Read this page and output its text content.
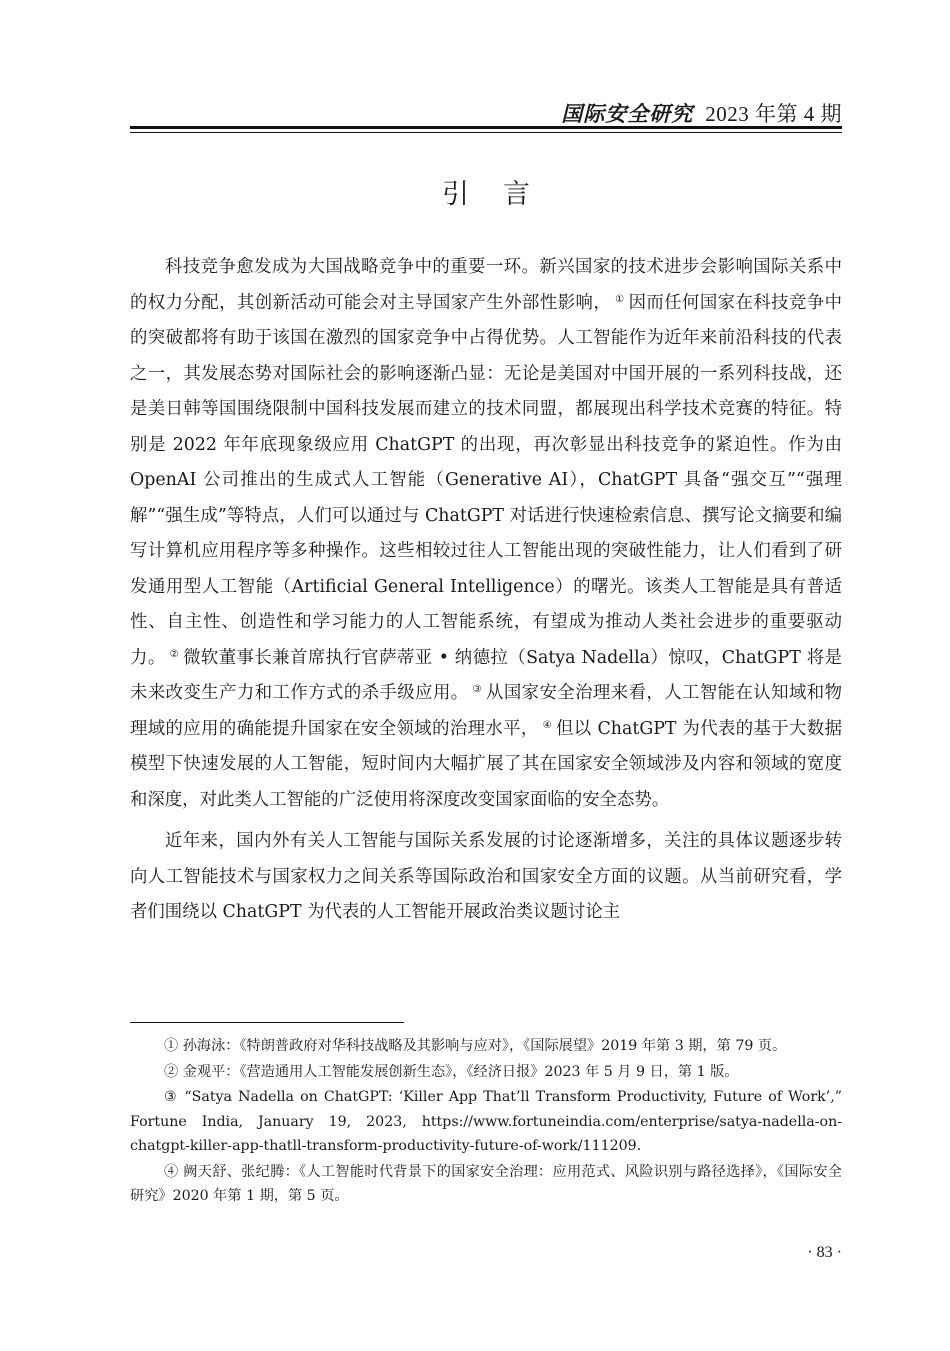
国际安全研究 2023 年第 4 期
引言

科技竞争愈发成为大国战略竞争中的重要一环。新兴国家的技术进步会影响国际关系中的权力分配，其创新活动可能会对主导国家产生外部性影响， ① 因而任何国家在科技竞争中的突破都将有助于该国在激烈的国家竞争中占得优势。人工智能作为近年来前沿科技的代表之一，其发展态势对国际社会的影响逐渐凸显：无论是美国对中国开展的一系列科技战，还是美日韩等国围绕限制中国科技发展而建立的技术同盟，都展现出科学技术竞赛的特征。特别是 2022 年年底现象级应用 ChatGPT 的出现，再次彰显出科技竞争的紧迫性。作为由 OpenAI 公司推出的生成式人工智能（Generative AI），ChatGPT 具备“强交互”“强理解”“强生成”等特点，人们可以通过与 ChatGPT 对话进行快速检索信息、撰写论文摘要和编写计算机应用程序等多种操作。这些相较过往人工智能出现的突破性能力，让人们看到了研发通用型人工智能（Artificial General Intelligence）的曙光。该类人工智能是具有普适性、自主性、创造性和学习能力的人工智能系统，有望成为推动人类社会进步的重要驱动力。 ② 微软董事长兼首席执行官萨蒂亚 • 纳德拉（Satya Nadella）惊叹，ChatGPT 将是未来改变生产力和工作方式的杀手级应用。 ③ 从国家安全治理来看，人工智能在认知域和物理域的应用的确能提升国家在安全领域的治理水平， ④ 但以 ChatGPT 为代表的基于大数据模型下快速发展的人工智能，短时间内大幅扩展了其在国家安全领域涉及内容和领域的宽度和深度，对此类人工智能的广泛使用将深度改变国家面临的安全态势。

近年来，国内外有关人工智能与国际关系发展的讨论逐渐增多，关注的具体议题逐步转向人工智能技术与国家权力之间关系等国际政治和国家安全方面的议题。从当前研究看，学者们围绕以 ChatGPT 为代表的人工智能开展政治类议题讨论主

① 孙海泳：《特朗普政府对华科技战略及其影响与应对》，《国际展望》2019 年第 3 期，第 79 页。

② 金观平：《营造通用人工智能发展创新生态》，《经济日报》2023 年 5 月 9 日，第 1 版。

③ “Satya Nadella on ChatGPT: ‘Killer App That’ll Transform Productivity, Future of Work’,” Fortune India, January 19, 2023, https://www.fortuneindia.com/enterprise/satya-nadella-on-chatgpt-killer-app-thatll-transform-productivity-future-of-work/111209.

④ 阙天舒、张纪腾：《人工智能时代背景下的国家安全治理：应用范式、风险识别与路径选择》，《国际安全研究》2020 年第 1 期，第 5 页。

· 83 ·
